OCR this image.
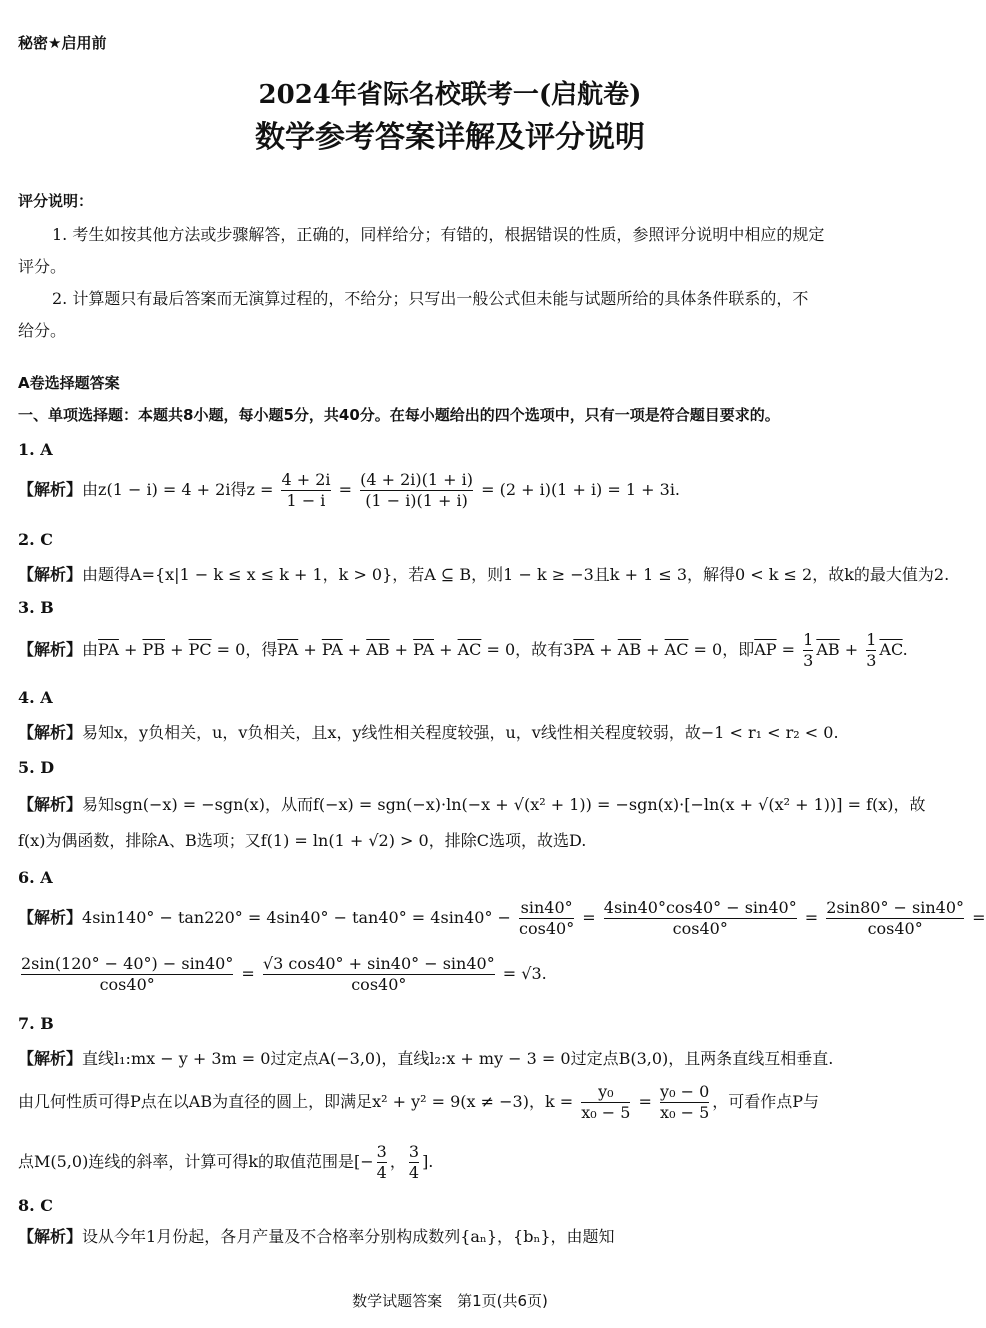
秘密★启用前
2024年省际名校联考一(启航卷)
数学参考答案详解及评分说明
评分说明：
1. 考生如按其他方法或步骤解答，正确的，同样给分；有错的，根据错误的性质，参照评分说明中相应的规定
评分。
2. 计算题只有最后答案而无演算过程的，不给分；只写出一般公式但未能与试题所给的具体条件联系的，不
给分。
A卷选择题答案
一、单项选择题：本题共8小题，每小题5分，共40分。在每小题给出的四个选项中，只有一项是符合题目要求的。
1. A
【解析】由z(1 − i) = 4 + 2i得$z = \frac{4 + 2i}{1 - i} = \frac{(4 + 2i)(1 + i)}{(1 - i)(1 + i)} = (2 + i)(1 + i) = 1 + 3i$.
2. C
【解析】由题得A={x|1 − k ≤ x ≤ k + 1，k > 0}，若A ⊆ B，则1 − k ≥ −3且k + 1 ≤ 3，解得0 < k ≤ 2，故k的最大值为2.
3. B
【解析】由$\overline{PA} + \overline{PB} + \overline{PC} = 0$，得$\overline{PA} + \overline{PA} + \overline{AB} + \overline{PA} + \overline{AC} = 0$，故有$3\overline{PA} + \overline{AB} + \overline{AC} = 0$，即$\overline{AP} = \frac{1}{3} \overline{AB} + \frac{1}{3} \overline{AC}$.
4. A
【解析】易知x，y负相关，u，v负相关，且x，y线性相关程度较强，u，v线性相关程度较弱，故−1 < r₁ < r₂ < 0.
5. D
【解析】易知sgn(−x) = −sgn(x)，从而f(−x) = sgn(−x)·ln(−x + √(x² + 1)) = −sgn(x)·[−ln(x + √(x² + 1))] = f(x)，故
f(x)为偶函数，排除A、B选项；又f(1) = ln(1 + √2) > 0，排除C选项，故选D.
6. A
【解析】$4\sin 140^\circ - \tan 220^\circ = 4\sin 40^\circ - \tan 40^\circ = 4\sin 40^\circ - \frac{\sin 40^\circ}{\cos 40^\circ} = \frac{4\sin 40^\circ\cos 40^\circ - \sin 40^\circ}{\cos 40^\circ} = \frac{2\sin 80^\circ - \sin 40^\circ}{\cos 40^\circ}$ =
$\frac{2\sin(120^\circ - 40^\circ) - \sin 40^\circ}{\cos 40^\circ} = \frac{√3 \cos 40^\circ + \sin 40^\circ - \sin 40^\circ}{\cos 40^\circ} = √3$.
7. B
【解析】直线l₁:mx − y + 3m = 0过定点A(−3,0)，直线l₂:x + my − 3 = 0过定点B(3,0)，且两条直线互相垂直.
由几何性质可得P点在以AB为直径的圆上，即满足x² + y² = 9(x ≠ −3)，$k = \frac{\text{y₀}}{\text{x₀ − 5}} = \frac{\text{y₀ − 0}}{\text{x₀ − 5}}$ ，可看作点P与
点M(5,0)连线的斜率，计算可得k的取值范围是[− $\frac{3}{4}$ ， $\frac{3}{4}$ ].
8. C
【解析】设从今年1月份起，各月产量及不合格率分别构成数列{aₙ}，{bₙ}，由题知
数学试题答案　第1页(共6页)
